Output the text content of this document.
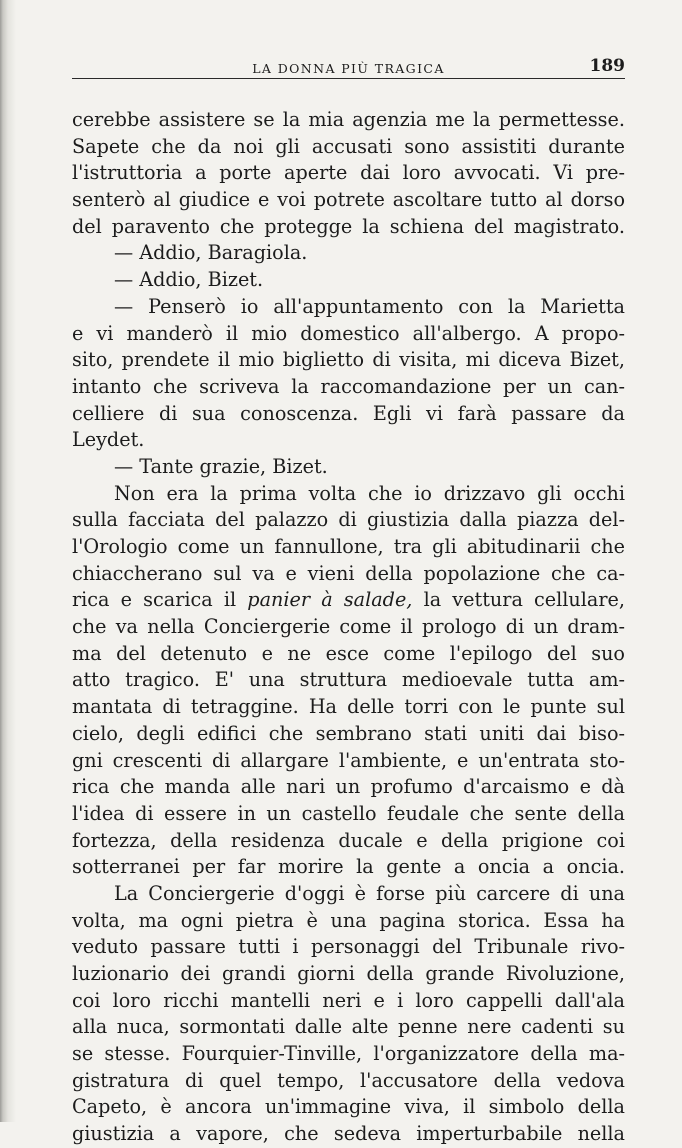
LA DONNA PIÙ TRAGICA	189
cerebbe assistere se la mia agenzia me la permettesse.
Sapete che da noi gli accusati sono assistiti durante
l'istruttoria a porte aperte dai loro avvocati. Vi pre-
senterò al giudice e voi potrete ascoltare tutto al dorso
del paravento che protegge la schiena del magistrato.
— Addio, Baragiola.
— Addio, Bizet.
— Penserò io all'appuntamento con la Marietta
e vi manderò il mio domestico all'albergo. A propo-
sito, prendete il mio biglietto di visita, mi diceva Bizet,
intanto che scriveva la raccomandazione per un can-
celliere di sua conoscenza. Egli vi farà passare da
Leydet.
— Tante grazie, Bizet.
Non era la prima volta che io drizzavo gli occhi
sulla facciata del palazzo di giustizia dalla piazza del-
l'Orologio come un fannullone, tra gli abitudinarii che
chiaccherano sul va e vieni della popolazione che ca-
rica e scarica il panier à salade, la vettura cellulare,
che va nella Conciergerie come il prologo di un dram-
ma del detenuto e ne esce come l'epilogo del suo
atto tragico. E' una struttura medioevale tutta am-
mantata di tetraggine. Ha delle torri con le punte sul
cielo, degli edifici che sembrano stati uniti dai biso-
gni crescenti di allargare l'ambiente, e un'entrata sto-
rica che manda alle nari un profumo d'arcaismo e dà
l'idea di essere in un castello feudale che sente della
fortezza, della residenza ducale e della prigione coi
sotterranei per far morire la gente a oncia a oncia.
La Conciergerie d'oggi è forse più carcere di una
volta, ma ogni pietra è una pagina storica. Essa ha
veduto passare tutti i personaggi del Tribunale rivo-
luzionario dei grandi giorni della grande Rivoluzione,
coi loro ricchi mantelli neri e i loro cappelli dall'ala
alla nuca, sormontati dalle alte penne nere cadenti su
se stesse. Fourquier-Tinville, l'organizzatore della ma-
gistratura di quel tempo, l'accusatore della vedova
Capeto, è ancora un'immagine viva, il simbolo della
giustizia a vapore, che sedeva imperturbabile nella
